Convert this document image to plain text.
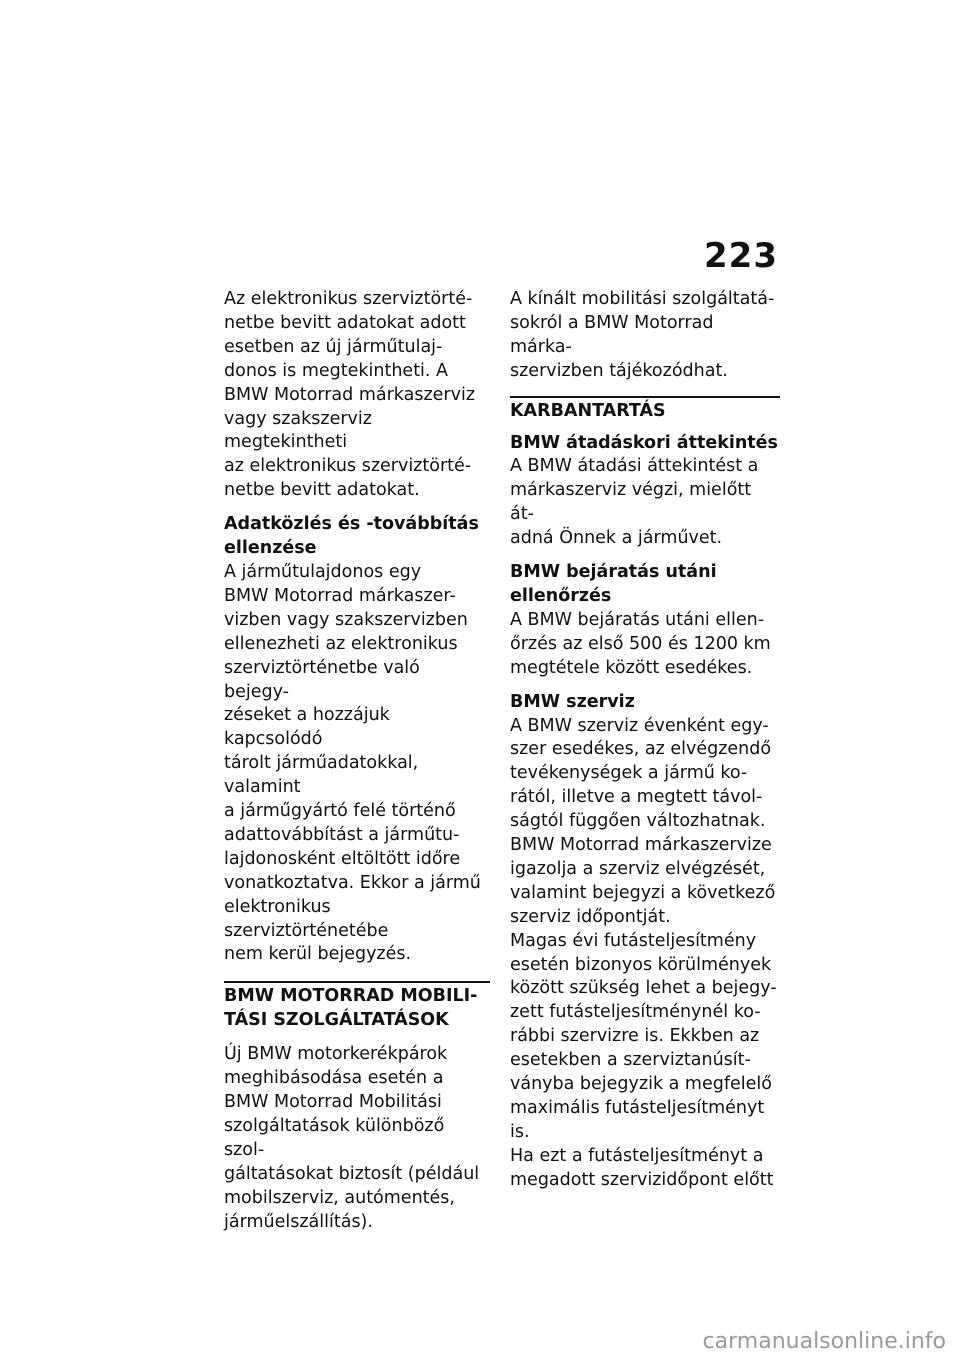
223

Az elektronikus szerviztörté-
netbe bevitt adatokat adott
esetben az új járműtulaj-
donos is megtekintheti. A
BMW Motorrad márkaszerviz
vagy szakszerviz megtekintheti
az elektronikus szerviztörté-
netbe bevitt adatokat.

Adatközlés és -továbbítás
ellenzése

A járműtulajdonos egy
BMW Motorrad márkaszer-
vizben vagy szakszervizben
ellenezheti az elektronikus
szerviztörténetbe való bejegy-
zéseket a hozzájuk kapcsolódó
tárolt járműadatokkal, valamint
a járműgyártó felé történő
adattovábbítást a járműtu-
lajdonosként eltöltött időre
vonatkoztatva. Ekkor a jármű
elektronikus szerviztörténetébe
nem kerül bejegyzés.

BMW MOTORRAD MOBILI-
TÁSI SZOLGÁLTATÁSOK

Új BMW motorkerékpárok
meghibásodása esetén a
BMW Motorrad Mobilitási
szolgáltatások különböző szol-
gáltatásokat biztosít (például
mobilszerviz, autómentés,
járműelszállítás).

A kínált mobilitási szolgáltatá-
sokról a BMW Motorrad márka-
szervizben tájékozódhat.

KARBANTARTÁS

BMW átadáskori áttekintés

A BMW átadási áttekintést a
márkaszerviz végzi, mielőtt át-
adná Önnek a járművet.

BMW bejáratás utáni
ellenőrzés

A BMW bejáratás utáni ellen-
őrzés az első 500 és 1200 km
megtétele között esedékes.

BMW szerviz

A BMW szerviz évenként egy-
szer esedékes, az elvégzendő
tevékenységek a jármű ko-
rától, illetve a megtett távol-
ságtól függően változhatnak.
BMW Motorrad márkaszervize
igazolja a szerviz elvégzését,
valamint bejegyzi a következő
szerviz időpontját.

Magas évi futásteljesítmény
esetén bizonyos körülmények
között szükség lehet a bejegy-
zett futásteljesítménynél ko-
rábbi szervizre is. Ekkben az
esetekben a szerviztanúsít-
ványba bejegyzik a megfelelő
maximális futásteljesítményt is.
Ha ezt a futásteljesítményt a
megadott szervizidőpont előtt

carmanualsonline.info
